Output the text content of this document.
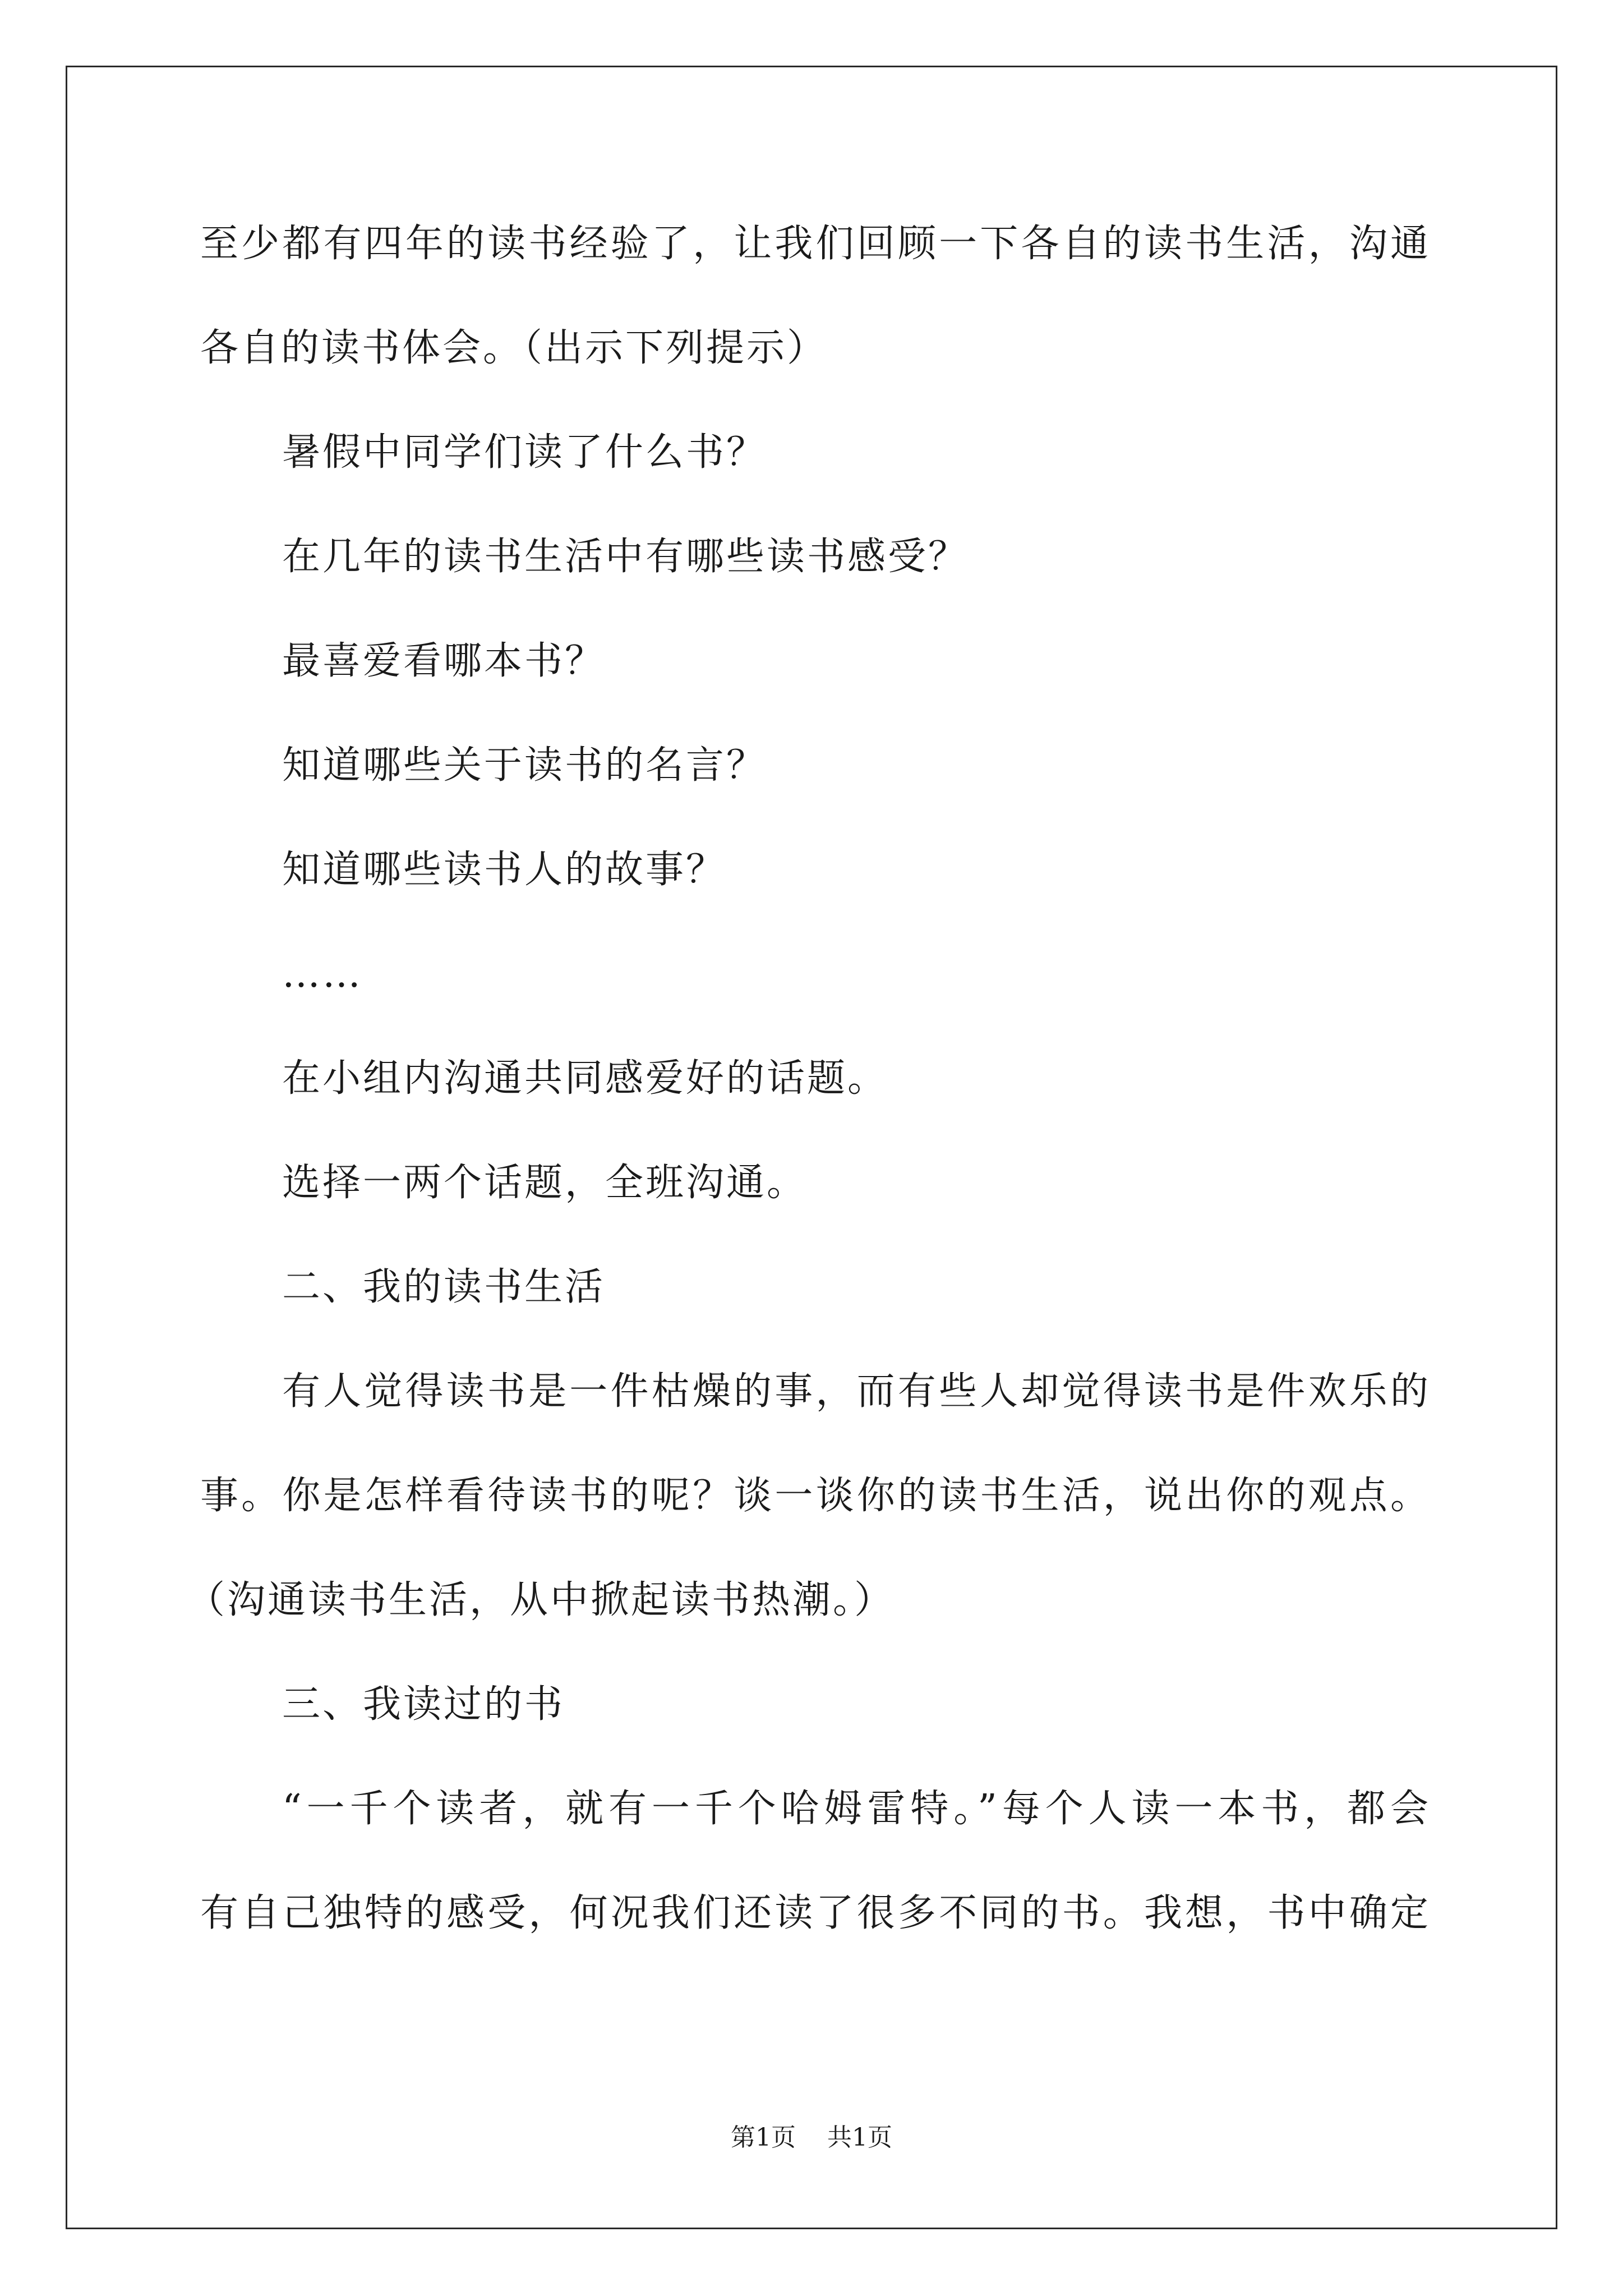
至少都有四年的读书经验了，让我们回顾一下各自的读书生活，沟通
各自的读书体会。（出示下列提示）
暑假中同学们读了什么书？
在几年的读书生活中有哪些读书感受？
最喜爱看哪本书？
知道哪些关于读书的名言？
知道哪些读书人的故事？
……
在小组内沟通共同感爱好的话题。
选择一两个话题，全班沟通。
二、我的读书生活
有人觉得读书是一件枯燥的事，而有些人却觉得读书是件欢乐的
事。你是怎样看待读书的呢？谈一谈你的读书生活，说出你的观点。
（沟通读书生活，从中掀起读书热潮。）
三、我读过的书
“一千个读者，就有一千个哈姆雷特。”每个人读一本书，都会
有自己独特的感受，何况我们还读了很多不同的书。我想，书中确定
第1页 共1页
